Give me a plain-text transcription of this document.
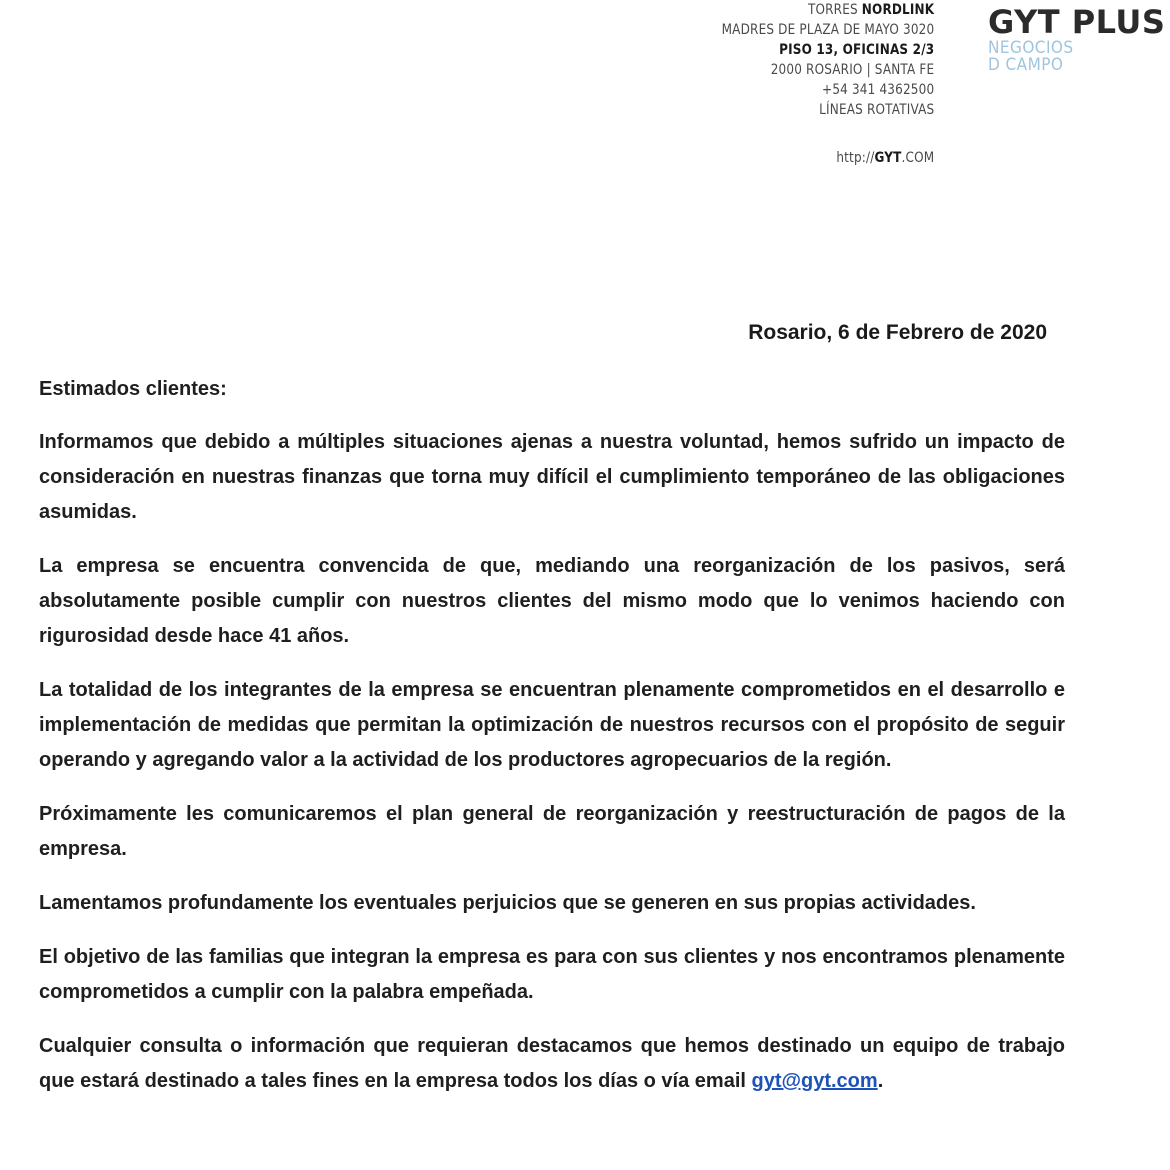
TORRES NORDLINK
MADRES DE PLAZA DE MAYO 3020
PISO 13, OFICINAS 2/3
2000 ROSARIO | SANTA FE
+54 341 4362500
LÍNEAS ROTATIVAS
http://GYT.COM
GYT PLUS
NEGOCIOS
D CAMPO
Rosario, 6 de Febrero de 2020

Estimados clientes:

Informamos que debido a múltiples situaciones ajenas a nuestra voluntad, hemos sufrido un impacto de consideración en nuestras finanzas que torna muy difícil el cumplimiento temporáneo de las obligaciones asumidas.

La empresa se encuentra convencida de que, mediando una reorganización de los pasivos, será absolutamente posible cumplir con nuestros clientes del mismo modo que lo venimos haciendo con rigurosidad desde hace 41 años.

La totalidad de los integrantes de la empresa se encuentran plenamente comprometidos en el desarrollo e implementación de medidas que permitan la optimización de nuestros recursos con el propósito de seguir operando y agregando valor a la actividad de los productores agropecuarios de la región.

Próximamente les comunicaremos el plan general de reorganización y reestructuración de pagos de la empresa.

Lamentamos profundamente los eventuales perjuicios que se generen en sus propias actividades.

El objetivo de las familias que integran la empresa es para con sus clientes y nos encontramos plenamente comprometidos a cumplir con la palabra empeñada.

Cualquier consulta o información que requieran destacamos que hemos destinado un equipo de trabajo que estará destinado a tales fines en la empresa todos los días o vía email gyt@gyt.com.
